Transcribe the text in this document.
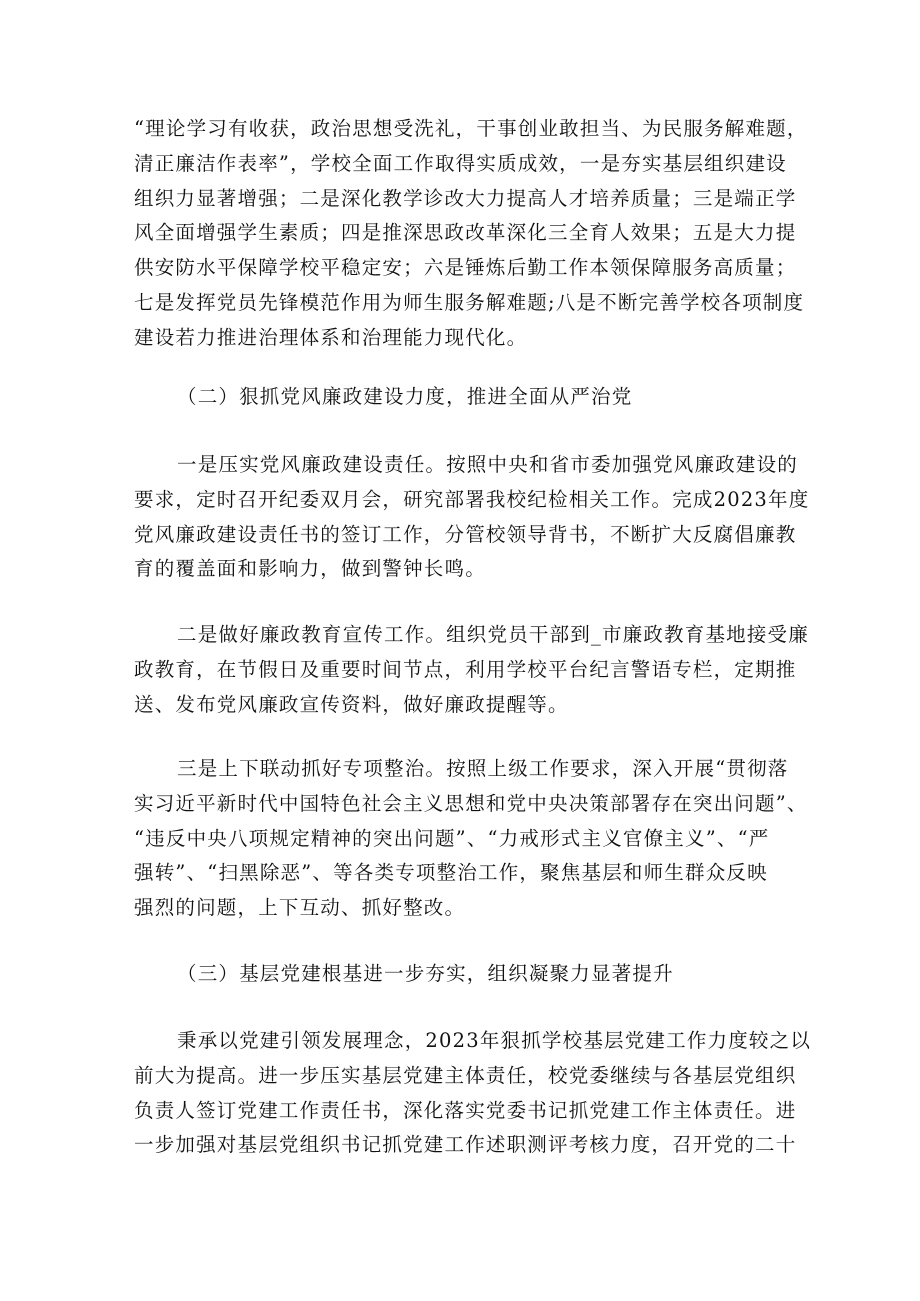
“理论学习有收获，政治思想受洗礼，干事创业敢担当、为民服务解难题，
清正廉洁作表率”，学校全面工作取得实质成效，一是夯实基层组织建设
组织力显著增强；二是深化教学诊改大力提高人才培养质量；三是端正学
风全面增强学生素质；四是推深思政改革深化三全育人效果；五是大力提
供安防水平保障学校平稳定安；六是锤炼后勤工作本领保障服务高质量；
七是发挥党员先锋模范作用为师生服务解难题;八是不断完善学校各项制度
建设若力推进治理体系和治理能力现代化。
（二）狠抓党风廉政建设力度，推进全面从严治党
一是压实党风廉政建设责任。按照中央和省市委加强党风廉政建设的
要求，定时召开纪委双月会，研究部署我校纪检相关工作。完成2023年度
党风廉政建设责任书的签订工作，分管校领导背书，不断扩大反腐倡廉教
育的覆盖面和影响力，做到警钟长鸣。
二是做好廉政教育宣传工作。组织党员干部到_市廉政教育基地接受廉
政教育，在节假日及重要时间节点，利用学校平台纪言警语专栏，定期推
送、发布党风廉政宣传资料，做好廉政提醒等。
三是上下联动抓好专项整治。按照上级工作要求，深入开展“贯彻落
实习近平新时代中国特色社会主义思想和党中央决策部署存在突出问题”、
“违反中央八项规定精神的突出问题”、“力戒形式主义官僚主义”、“严
强转”、“扫黑除恶”、等各类专项整治工作，聚焦基层和师生群众反映
强烈的问题，上下互动、抓好整改。
（三）基层党建根基进一步夯实，组织凝聚力显著提升
秉承以党建引领发展理念，2023年狠抓学校基层党建工作力度较之以
前大为提高。进一步压实基层党建主体责任，校党委继续与各基层党组织
负责人签订党建工作责任书，深化落实党委书记抓党建工作主体责任。进
一步加强对基层党组织书记抓党建工作述职测评考核力度，召开党的二十
